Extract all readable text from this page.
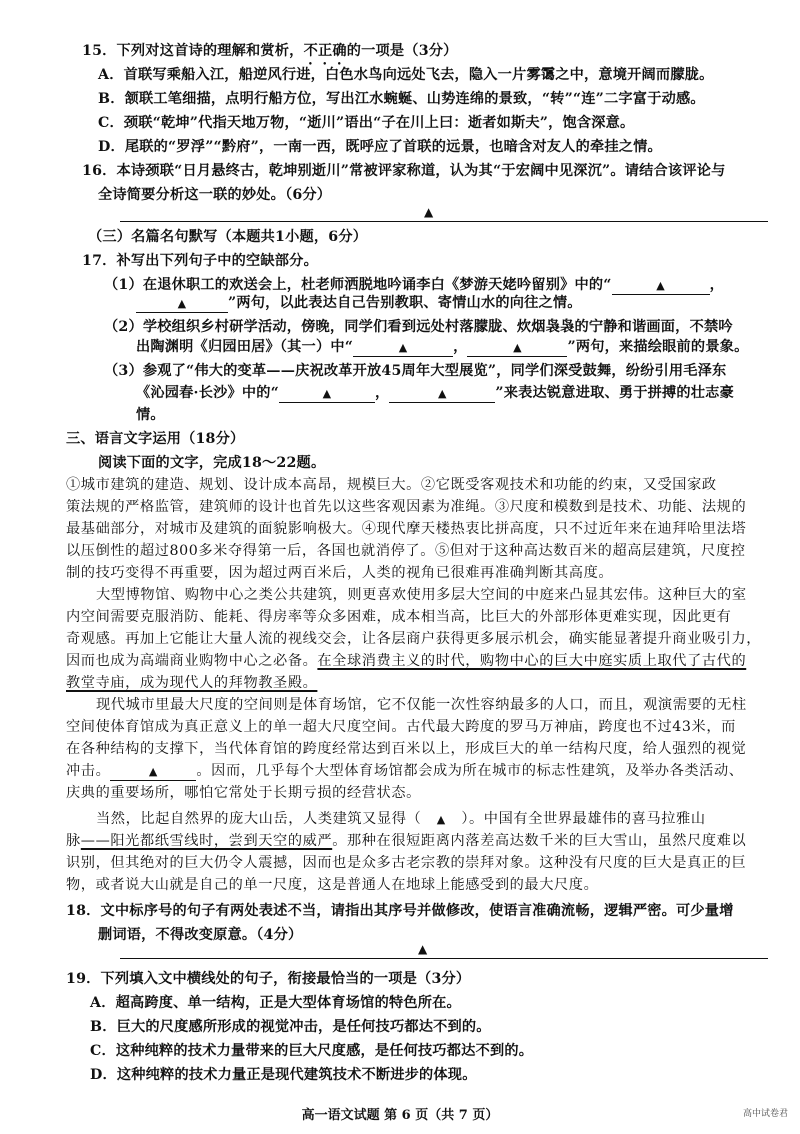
15．下列对这首诗的理解和赏析，不正确的一项是（3分）
A．首联写乘船入江，船逆风行进，白色水鸟向远处飞去，隐入一片雾霭之中，意境开阔而朦胧。
B．颔联工笔细描，点明行船方位，写出江水蜿蜒、山势连绵的景致，“转”“连”二字富于动感。
C．颈联“乾坤”代指天地万物，“逝川”语出“子在川上曰：逝者如斯夫”，饱含深意。
D．尾联的“罗浮”“黔府”，一南一西，既呼应了首联的远景，也暗含对友人的牵挂之情。
16．本诗颈联“日月悬终古，乾坤别逝川”常被评家称道，认为其“于宏阔中见深沉”。请结合该评论与
全诗简要分析这一联的妙处。（6分）
▲
（三）名篇名句默写（本题共1小题，6分）
17．补写出下列句子中的空缺部分。
（1）在退休职工的欢送会上，杜老师洒脱地吟诵李白《梦游天姥吟留别》中的“	▲	，
▲	”两句，以此表达自己告别教职、寄情山水的向往之情。
（2）学校组织乡村研学活动，傍晚，同学们看到远处村落朦胧、炊烟袅袅的宁静和谐画面，不禁吟
出陶渊明《归园田居》（其一）中“	▲	，	▲	”两句，来描绘眼前的景象。
（3）参观了“伟大的变革——庆祝改革开放45周年大型展览”，同学们深受鼓舞，纷纷引用毛泽东
《沁园春·长沙》中的“	▲	，	▲	”来表达锐意进取、勇于拼搏的壮志豪
情。
三、语言文字运用（18分）
阅读下面的文字，完成18～22题。
①城市建筑的建造、规划、设计成本高昂，规模巨大。②它既受客观技术和功能的约束，又受国家政
策法规的严格监管，建筑师的设计也首先以这些客观因素为准绳。③尺度和模数到是技术、功能、法规的
最基础部分，对城市及建筑的面貌影响极大。④现代摩天楼热衷比拼高度，只不过近年来在迪拜哈里法塔
以压倒性的超过800多米夺得第一后，各国也就消停了。⑤但对于这种高达数百米的超高层建筑，尺度控
制的技巧变得不再重要，因为超过两百米后，人类的视角已很难再准确判断其高度。
大型博物馆、购物中心之类公共建筑，则更喜欢使用多层大空间的中庭来凸显其宏伟。这种巨大的室
内空间需要克服消防、能耗、得房率等众多困难，成本相当高，比巨大的外部形体更难实现，因此更有
奇观感。再加上它能让大量人流的视线交会，让各层商户获得更多展示机会，确实能显著提升商业吸引力，
因而也成为高端商业购物中心之必备。在全球消费主义的时代，购物中心的巨大中庭实质上取代了古代的
教堂寺庙，成为现代人的拜物教圣殿。
现代城市里最大尺度的空间则是体育场馆，它不仅能一次性容纳最多的人口，而且，观演需要的无柱
空间使体育馆成为真正意义上的单一超大尺度空间。古代最大跨度的罗马万神庙，跨度也不过43米，而
在各种结构的支撑下，当代体育馆的跨度经常达到百米以上，形成巨大的单一结构尺度，给人强烈的视觉
冲击。	▲	。因而，几乎每个大型体育场馆都会成为所在城市的标志性建筑，及举办各类活动、
庆典的重要场所，哪怕它常处于长期亏损的经营状态。
当然，比起自然界的庞大山岳，人类建筑又显得（ ▲ ）。中国有全世界最雄伟的喜马拉雅山
脉——阳光都纸雪线时，尝到天空的威严。那种在很短距离内落差高达数千米的巨大雪山，虽然尺度难以
识别，但其绝对的巨大仍令人震撼，因而也是众多古老宗教的崇拜对象。这种没有尺度的巨大是真正的巨
物，或者说大山就是自己的单一尺度，这是普通人在地球上能感受到的最大尺度。
18．文中标序号的句子有两处表述不当，请指出其序号并做修改，使语言准确流畅，逻辑严密。可少量增
删词语，不得改变原意。（4分）
▲
19．下列填入文中横线处的句子，衔接最恰当的一项是（3分）
A．超高跨度、单一结构，正是大型体育场馆的特色所在。
B．巨大的尺度感所形成的视觉冲击，是任何技巧都达不到的。
C．这种纯粹的技术力量带来的巨大尺度感，是任何技巧都达不到的。
D．这种纯粹的技术力量正是现代建筑技术不断进步的体现。
高一语文试题 第 6 页（共 7 页）	高中试卷君
